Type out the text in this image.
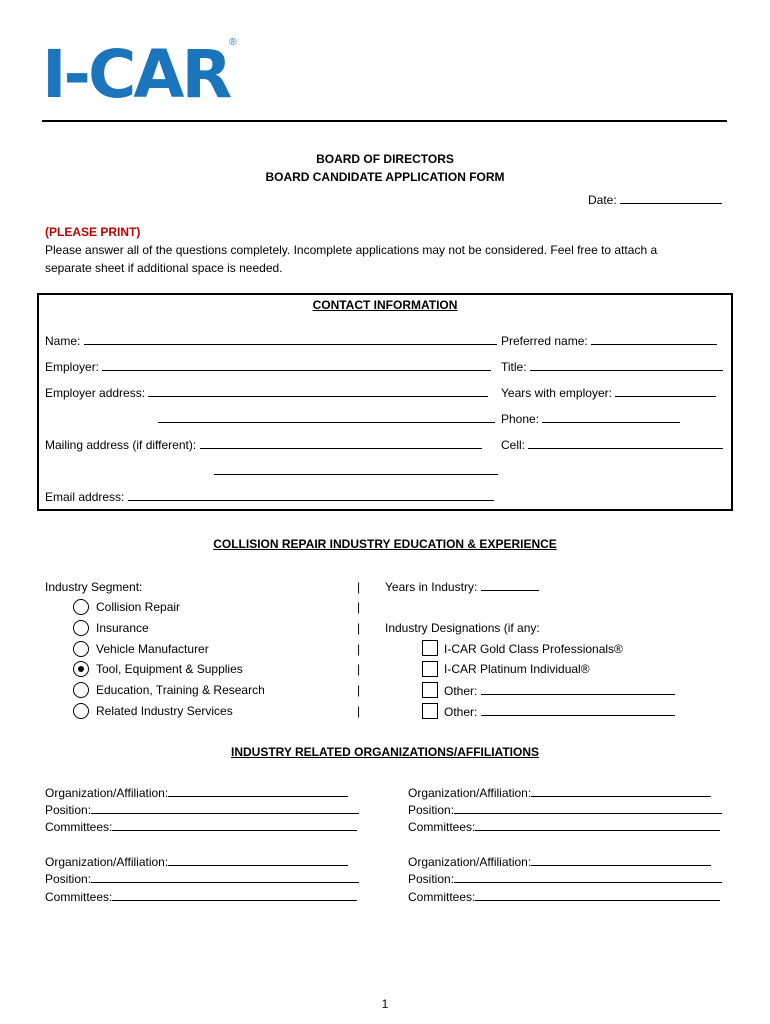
I-CAR®
BOARD OF DIRECTORS
BOARD CANDIDATE APPLICATION FORM
Date:
(PLEASE PRINT)
Please answer all of the questions completely. Incomplete applications may not be considered. Feel free to attach a
separate sheet if additional space is needed.
CONTACT INFORMATION
Name:	Preferred name:
Employer:	Title:
Employer address:	Years with employer:
Phone:
Mailing address (if different):	Cell:
Email address:
COLLISION REPAIR INDUSTRY EDUCATION & EXPERIENCE
Industry Segment:
Collision Repair
Insurance
Vehicle Manufacturer
Tool, Equipment & Supplies
Education, Training & Research
Related Industry Services
|
|
|
|
|
|
|
Years in Industry:
Industry Designations (if any:
I-CAR Gold Class Professionals®
I-CAR Platinum Individual®
Other:
Other:
INDUSTRY RELATED ORGANIZATIONS/AFFILIATIONS
Organization/Affiliation:
Position:
Committees:
Organization/Affiliation:
Position:
Committees:
Organization/Affiliation:
Position:
Committees:
Organization/Affiliation:
Position:
Committees:
1
